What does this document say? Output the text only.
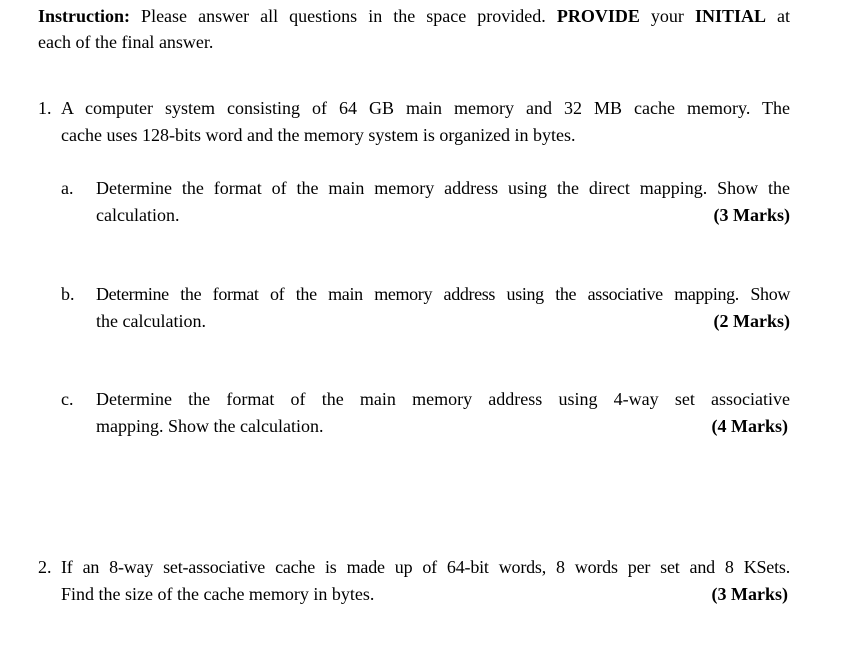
Instruction: Please answer all questions in the space provided. PROVIDE your INITIAL at
each of the final answer.
1. A computer system consisting of 64 GB main memory and 32 MB cache memory. The
cache uses 128-bits word and the memory system is organized in bytes.
a. Determine the format of the main memory address using the direct mapping. Show the
calculation.	(3 Marks)
b. Determine the format of the main memory address using the associative mapping. Show
the calculation.	(2 Marks)
c. Determine the format of the main memory address using 4-way set associative
mapping. Show the calculation.	(4 Marks)
2. If an 8-way set-associative cache is made up of 64-bit words, 8 words per set and 8 KSets.
Find the size of the cache memory in bytes.	(3 Marks)
